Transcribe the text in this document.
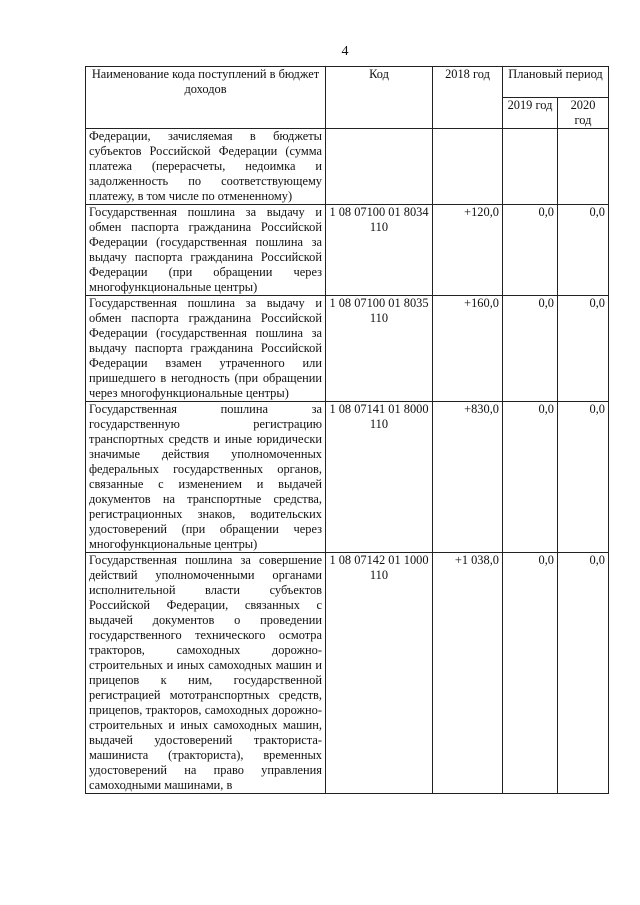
4
Наименование кода поступлений в бюджет доходов	Код	2018 год	Плановый период	
			2019 год	2020 год
Федерации, зачисляемая в бюджеты субъектов Российской Федерации (сумма платежа (перерасчеты, недоимка и задолженность по соответствующему платежу, в том числе по отмененному)				
Государственная пошлина за выдачу и обмен паспорта гражданина Российской Федерации (государственная пошлина за выдачу паспорта гражданина Российской Федерации (при обращении через многофункциональные центры)	1 08 07100 01 8034 110	+120,0	0,0	0,0
Государственная пошлина за выдачу и обмен паспорта гражданина Российской Федерации (государственная пошлина за выдачу паспорта гражданина Российской Федерации взамен утраченного или пришедшего в негодность (при обращении через многофункциональные центры)	1 08 07100 01 8035 110	+160,0	0,0	0,0
Государственная пошлина за государственную регистрацию транспортных средств и иные юридически значимые действия уполномоченных федеральных государственных органов, связанные с изменением и выдачей документов на транспортные средства, регистрационных знаков, водительских удостоверений (при обращении через многофункциональные центры)	1 08 07141 01 8000 110	+830,0	0,0	0,0
Государственная пошлина за совершение действий уполномоченными органами исполнительной власти субъектов Российской Федерации, связанных с выдачей документов о проведении государственного технического осмотра тракторов, самоходных дорожно-строительных и иных самоходных машин и прицепов к ним, государственной регистрацией мототранспортных средств, прицепов, тракторов, самоходных дорожно-строительных и иных самоходных машин, выдачей удостоверений тракториста-машиниста (тракториста), временных удостоверений на право управления самоходными машинами, в	1 08 07142 01 1000 110	+1 038,0	0,0	0,0
